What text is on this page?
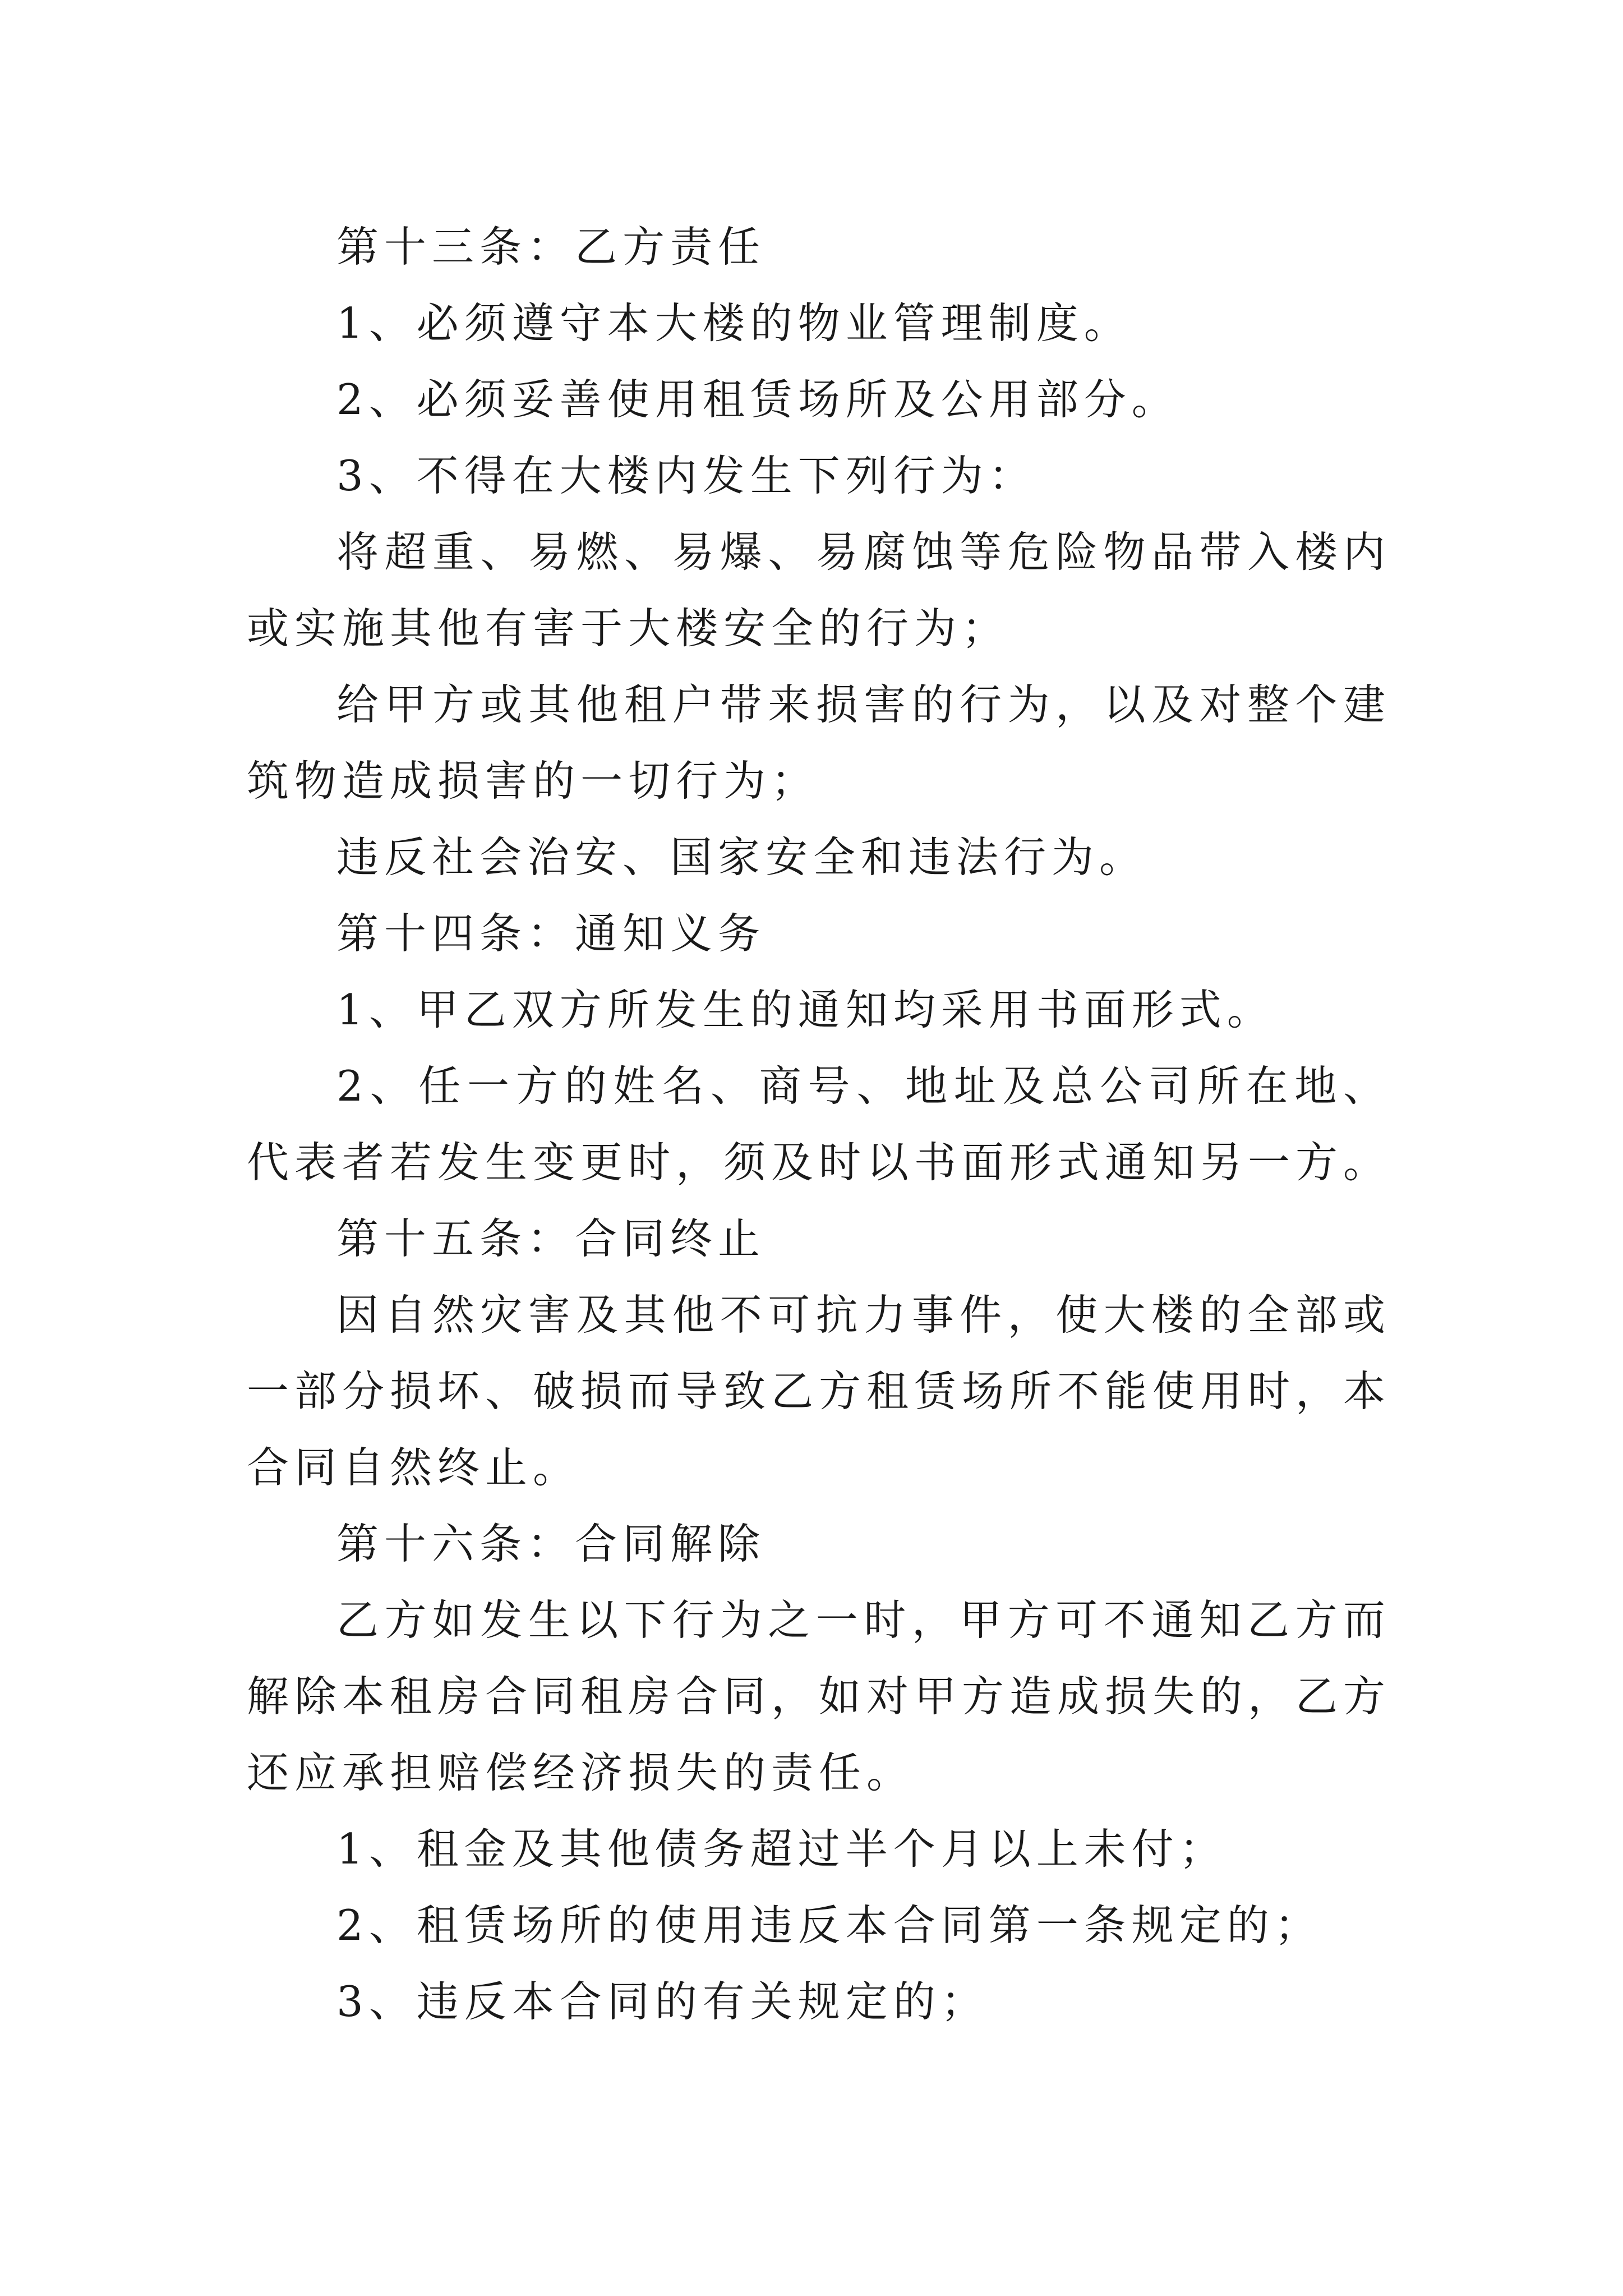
第十三条：乙方责任

1、必须遵守本大楼的物业管理制度。

2、必须妥善使用租赁场所及公用部分。

3、不得在大楼内发生下列行为：

将超重、易燃、易爆、易腐蚀等危险物品带入楼内或实施其他有害于大楼安全的行为；

给甲方或其他租户带来损害的行为，以及对整个建筑物造成损害的一切行为；

违反社会治安、国家安全和违法行为。

第十四条：通知义务

1、甲乙双方所发生的通知均采用书面形式。

2、任一方的姓名、商号、地址及总公司所在地、代表者若发生变更时，须及时以书面形式通知另一方。

第十五条：合同终止

因自然灾害及其他不可抗力事件，使大楼的全部或一部分损坏、破损而导致乙方租赁场所不能使用时，本合同自然终止。

第十六条：合同解除

乙方如发生以下行为之一时，甲方可不通知乙方而解除本租房合同租房合同，如对甲方造成损失的，乙方还应承担赔偿经济损失的责任。

1、租金及其他债务超过半个月以上未付；

2、租赁场所的使用违反本合同第一条规定的；

3、违反本合同的有关规定的；
